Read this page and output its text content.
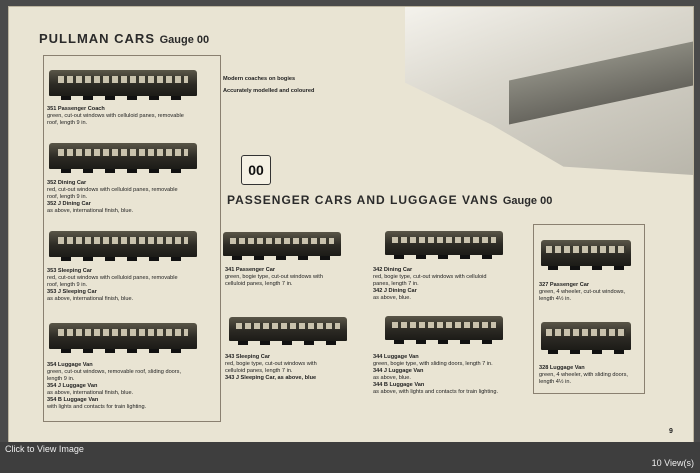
PULLMAN CARS Gauge 00
Modern coaches on bogies
Accurately modelled and coloured
351 Passenger Coach
green, cut-out windows with celluloid panes, removable
roof, length 9 in.
352 Dining Car
red, cut-out windows with celluloid panes, removable
roof, length 9 in.
352 J Dining Car
as above, international finish, blue.
353 Sleeping Car
red, cut-out windows with celluloid panes, removable
roof, length 9 in.
353 J Sleeping Car
as above, international finish, blue.
354 Luggage Van
green, cut-out windows, removable roof, sliding doors,
length 9 in.
354 J Luggage Van
as above, international finish, blue.
354 B Luggage Van
with lights and contacts for train lighting.
00
PASSENGER CARS AND LUGGAGE VANS Gauge 00
341 Passenger Car
green, bogie type, cut-out windows with
celluloid panes, length 7 in.
342 Dining Car
red, bogie type, cut-out windows with celluloid
panes, length 7 in.
342 J Dining Car
as above, blue.
327 Passenger Car
green, 4 wheeler, cut-out windows,
length 4½ in.
343 Sleeping Car
red, bogie type, cut-out windows with
celluloid panes, length 7 in.
343 J Sleeping Car, as above, blue
344 Luggage Van
green, bogie type, with sliding doors, length 7 in.
344 J Luggage Van
as above, blue.
344 B Luggage Van
as above, with lights and contacts for train lighting.
328 Luggage Van
green, 4 wheeler, with sliding doors,
length 4½ in.
9
Click to View Image
10 View(s)
